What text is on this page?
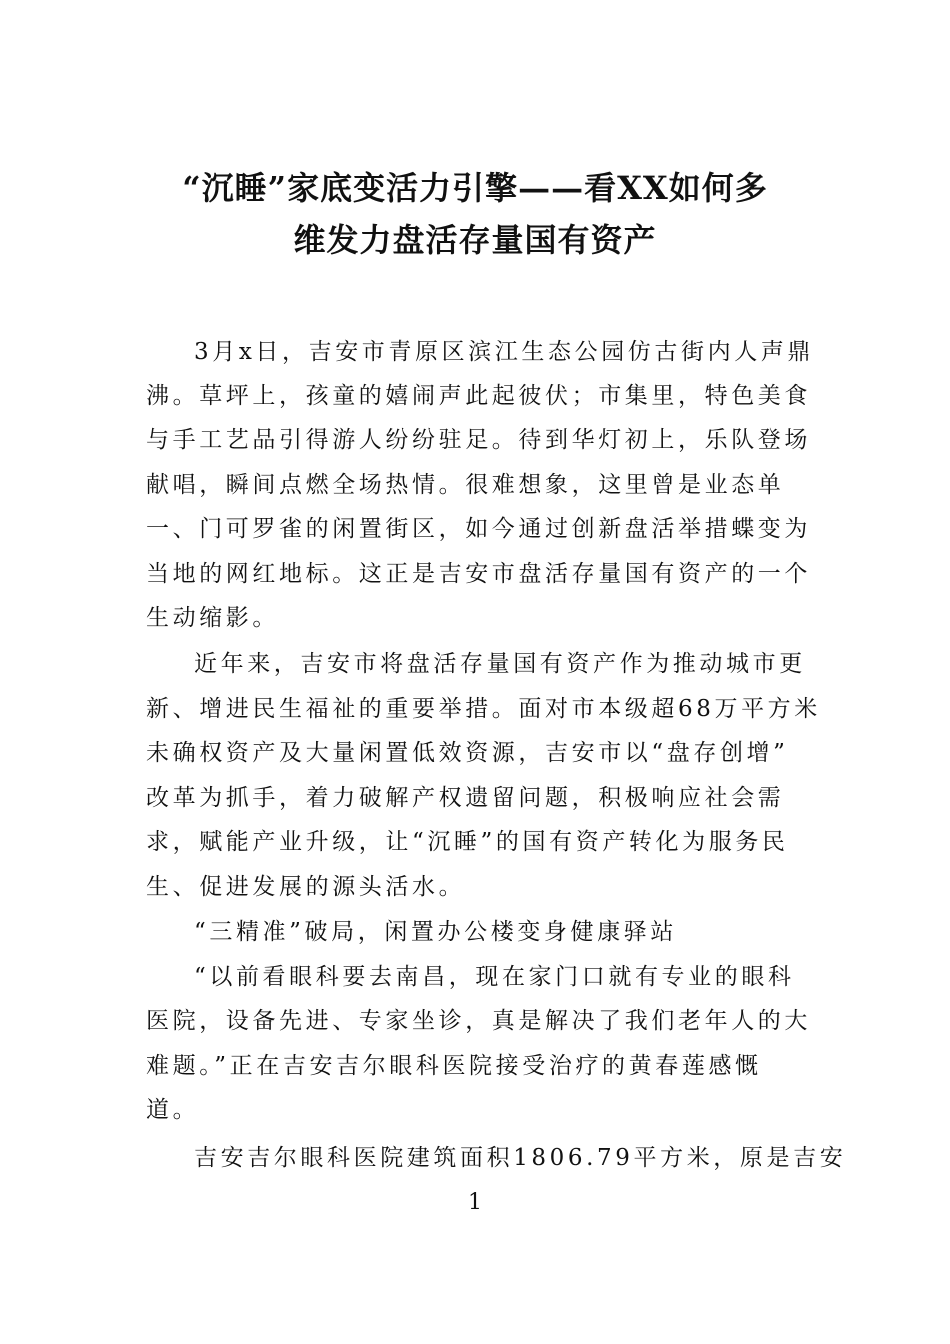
“沉睡”家底变活力引擎——看XX如何多
维发力盘活存量国有资产
3月x日，吉安市青原区滨江生态公园仿古街内人声鼎
沸。草坪上，孩童的嬉闹声此起彼伏；市集里，特色美食
与手工艺品引得游人纷纷驻足。待到华灯初上，乐队登场
献唱，瞬间点燃全场热情。很难想象，这里曾是业态单
一、门可罗雀的闲置街区，如今通过创新盘活举措蝶变为
当地的网红地标。这正是吉安市盘活存量国有资产的一个
生动缩影。
近年来，吉安市将盘活存量国有资产作为推动城市更
新、增进民生福祉的重要举措。面对市本级超68万平方米
未确权资产及大量闲置低效资源，吉安市以“盘存创增”
改革为抓手，着力破解产权遗留问题，积极响应社会需
求，赋能产业升级，让“沉睡”的国有资产转化为服务民
生、促进发展的源头活水。
“三精准”破局，闲置办公楼变身健康驿站
“以前看眼科要去南昌，现在家门口就有专业的眼科
医院，设备先进、专家坐诊，真是解决了我们老年人的大
难题。”正在吉安吉尔眼科医院接受治疗的黄春莲感慨
道。
吉安吉尔眼科医院建筑面积1806.79平方米，原是吉安
1
